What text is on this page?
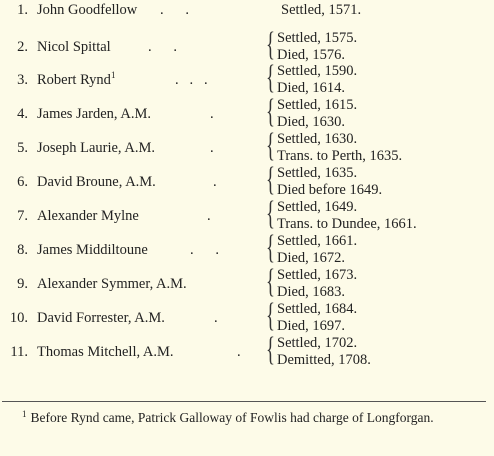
1. John Goodfellow .      .	Settled, 1571.
2. Nicol Spittal	.      .	{ Settled, 1575.
Died, 1576.
3. Robert Rynd$^1$	.   .   .	{ Settled, 1590.
Died, 1614.
4. James Jarden, A.M.	.	{ Settled, 1615.
Died, 1630.
5. Joseph Laurie, A.M.	.	{ Settled, 1630.
Trans. to Perth, 1635.
6. David Broune, A.M.	.	{ Settled, 1635.
Died before 1649.
7. Alexander Mylne	.	{ Settled, 1649.
Trans. to Dundee, 1661.
8. James Middiltoune	.      .	{ Settled, 1661.
Died, 1672.
9. Alexander Symmer, A.M. { Settled, 1673.
Died, 1683.
10. David Forrester, A.M.	.	{ Settled, 1684.
Died, 1697.
11. Thomas Mitchell, A.M.	. { Settled, 1702.
Demitted, 1708.
$^1$ Before Rynd came, Patrick Galloway of Fowlis had charge of Longforgan.
